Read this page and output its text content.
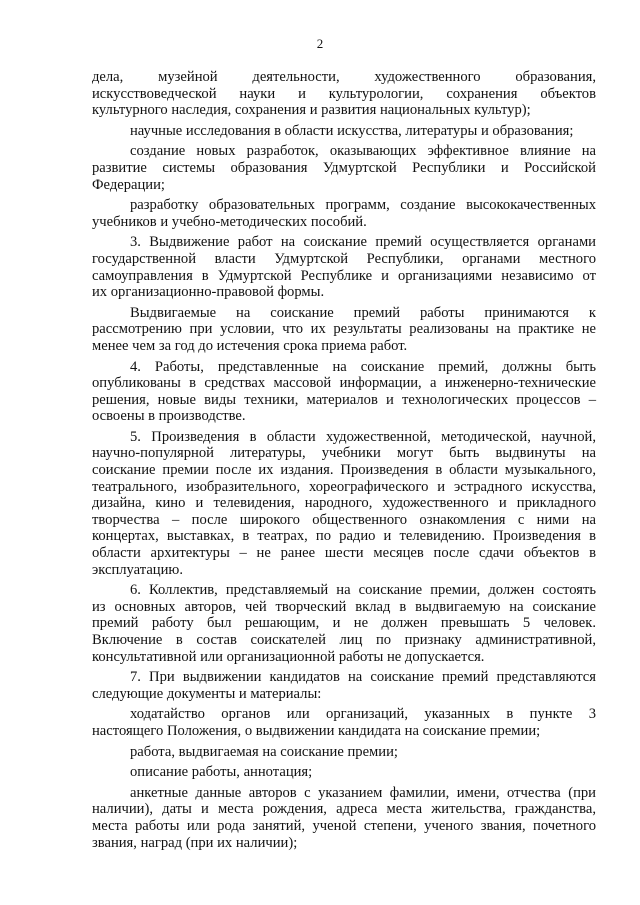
2
дела, музейной деятельности, художественного образования,
искусствоведческой науки и культурологии, сохранения объектов
культурного наследия, сохранения и развития национальных культур);
научные исследования в области искусства, литературы и образования;
создание новых разработок, оказывающих эффективное влияние на
развитие системы образования Удмуртской Республики и Российской
Федерации;
разработку образовательных программ, создание высококачественных
учебников и учебно-методических пособий.
3. Выдвижение работ на соискание премий осуществляется органами
государственной власти Удмуртской Республики, органами местного
самоуправления в Удмуртской Республике и организациями независимо от
их организационно-правовой формы.
Выдвигаемые на соискание премий работы принимаются к
рассмотрению при условии, что их результаты реализованы на практике не
менее чем за год до истечения срока приема работ.
4. Работы, представленные на соискание премий, должны быть
опубликованы в средствах массовой информации, а инженерно-технические
решения, новые виды техники, материалов и технологических процессов –
освоены в производстве.
5. Произведения в области художественной, методической, научной,
научно-популярной литературы, учебники могут быть выдвинуты на
соискание премии после их издания. Произведения в области музыкального,
театрального, изобразительного, хореографического и эстрадного искусства,
дизайна, кино и телевидения, народного, художественного и прикладного
творчества – после широкого общественного ознакомления с ними на
концертах, выставках, в театрах, по радио и телевидению. Произведения в
области архитектуры – не ранее шести месяцев после сдачи объектов в
эксплуатацию.
6. Коллектив, представляемый на соискание премии, должен состоять
из основных авторов, чей творческий вклад в выдвигаемую на соискание
премий работу был решающим, и не должен превышать 5 человек.
Включение в состав соискателей лиц по признаку административной,
консультативной или организационной работы не допускается.
7. При выдвижении кандидатов на соискание премий представляются
следующие документы и материалы:
ходатайство органов или организаций, указанных в пункте 3
настоящего Положения, о выдвижении кандидата на соискание премии;
работа, выдвигаемая на соискание премии;
описание работы, аннотация;
анкетные данные авторов с указанием фамилии, имени, отчества (при
наличии), даты и места рождения, адреса места жительства, гражданства,
места работы или рода занятий, ученой степени, ученого звания, почетного
звания, наград (при их наличии);
